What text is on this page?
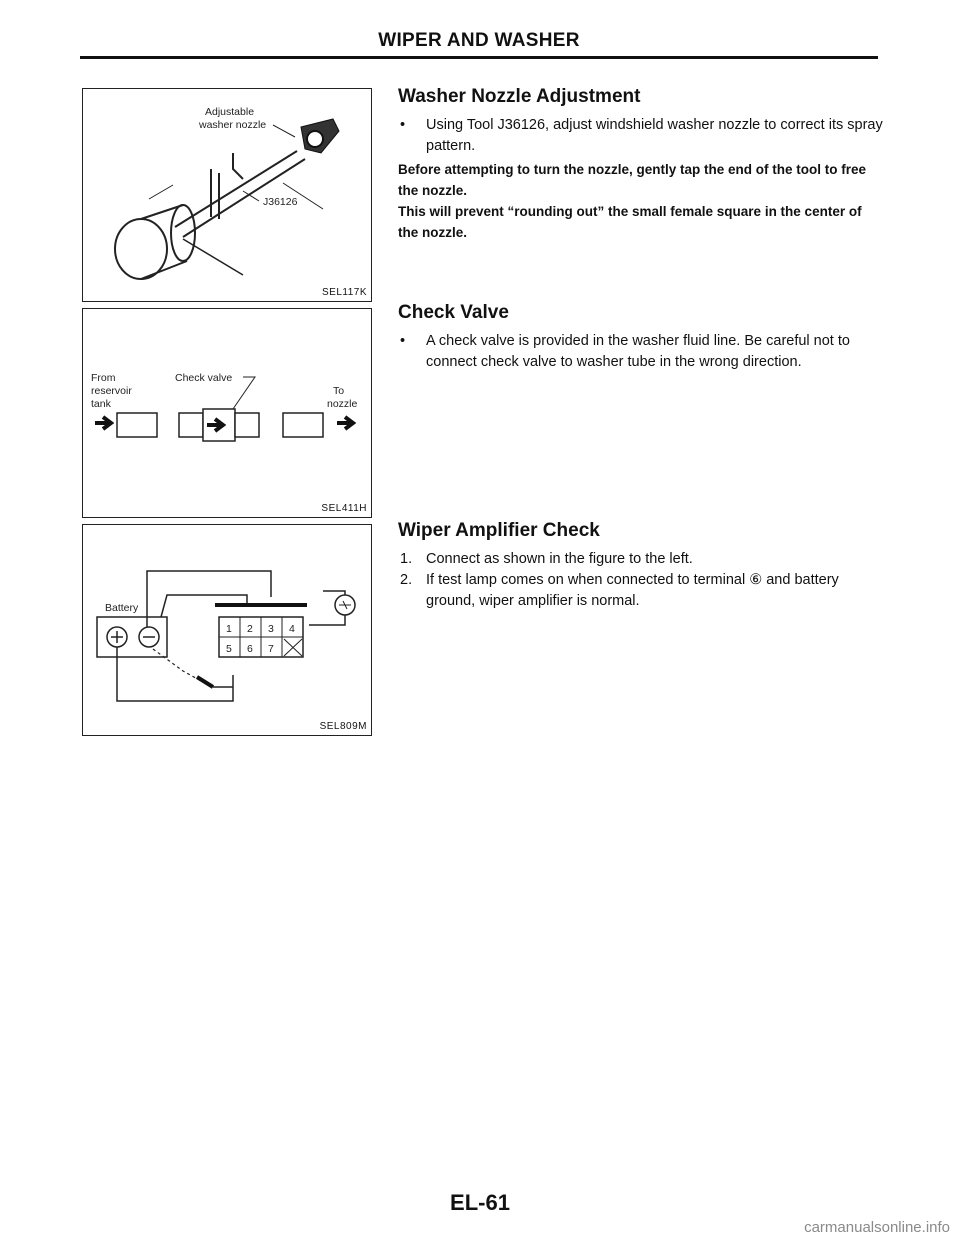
WIPER AND WASHER
Adjustable
washer nozzle
J36126
SEL117K
From
reservoir
tank
Check valve
To
nozzle
SEL411H
Battery
1 2 3 4
5 6 7
SEL809M
Washer Nozzle Adjustment

• Using Tool J36126, adjust windshield washer nozzle to correct its spray pattern.

Before attempting to turn the nozzle, gently tap the end of the tool to free the nozzle.

This will prevent “rounding out” the small female square in the center of the nozzle.

Check Valve

• A check valve is provided in the washer fluid line. Be careful not to connect check valve to washer tube in the wrong direction.

Wiper Amplifier Check

1. Connect as shown in the figure to the left.

2. If test lamp comes on when connected to terminal ⑥ and battery ground, wiper amplifier is normal.

EL-61
carmanualsonline.info
